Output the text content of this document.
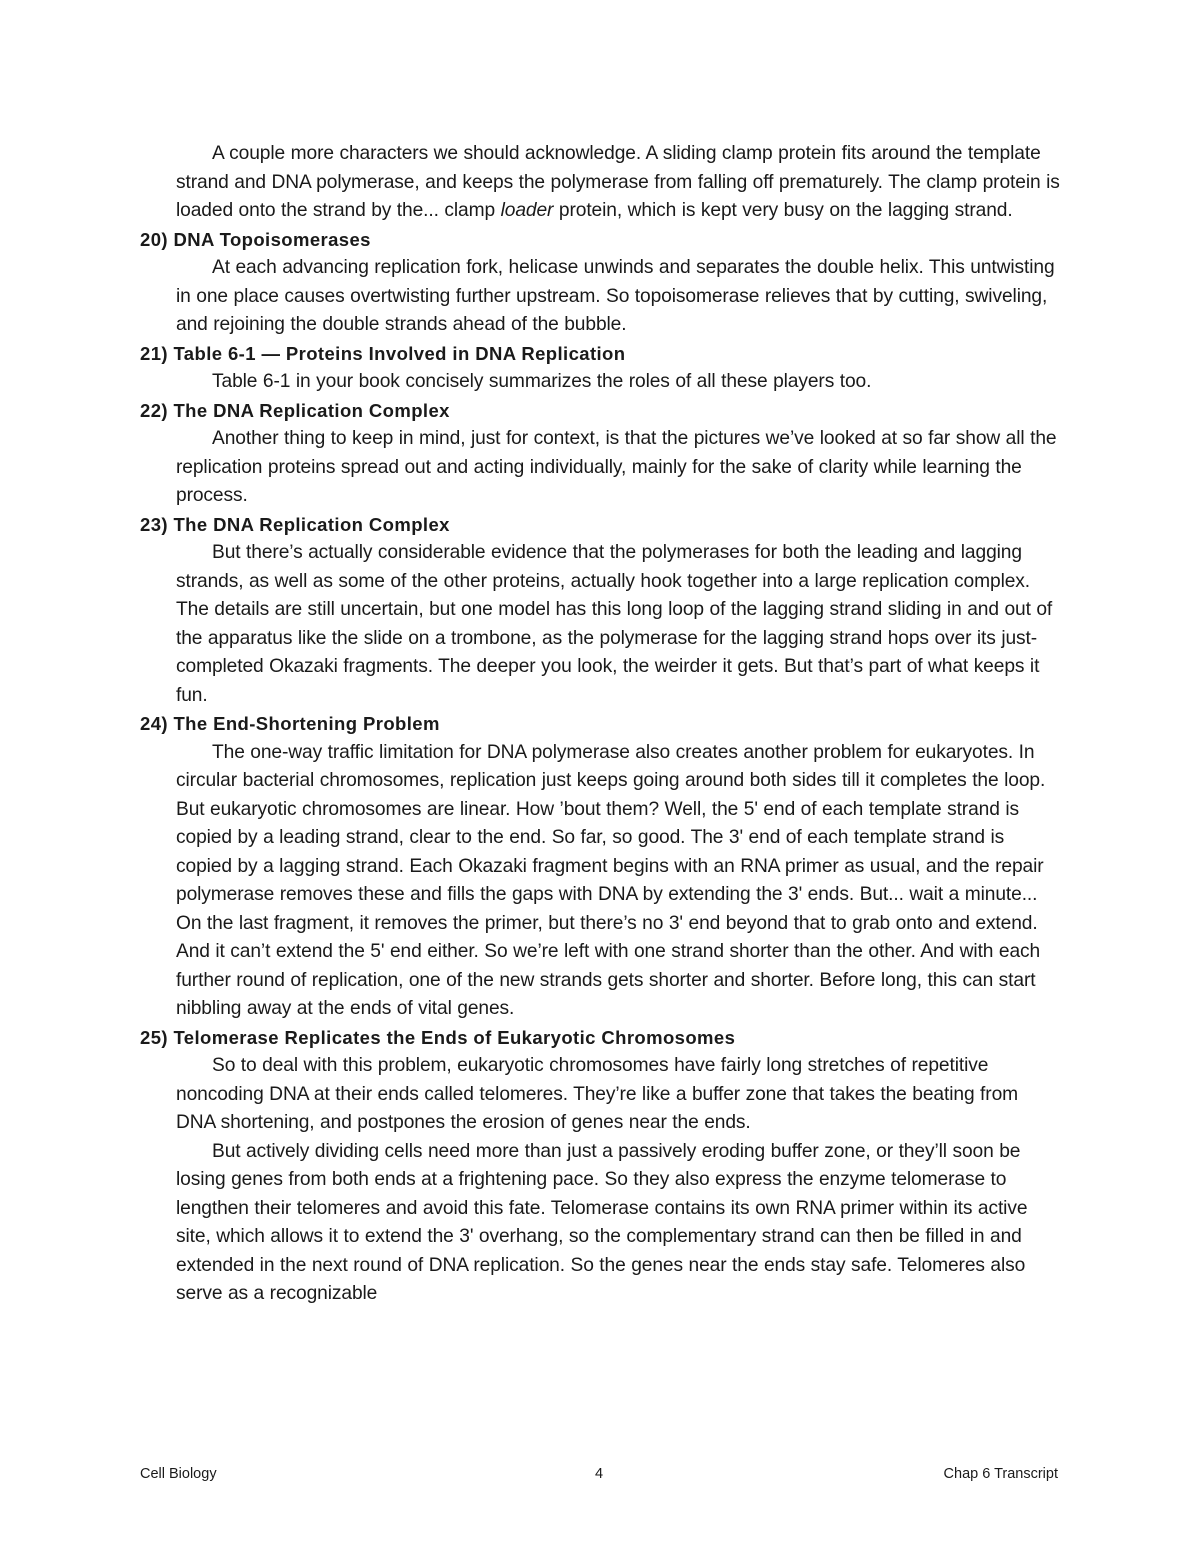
A couple more characters we should acknowledge. A sliding clamp protein fits around the template strand and DNA polymerase, and keeps the polymerase from falling off prematurely. The clamp protein is loaded onto the strand by the... clamp loader protein, which is kept very busy on the lagging strand.

20) DNA Topoisomerases

At each advancing replication fork, helicase unwinds and separates the double helix. This untwisting in one place causes overtwisting further upstream. So topoisomerase relieves that by cutting, swiveling, and rejoining the double strands ahead of the bubble.

21) Table 6-1 — Proteins Involved in DNA Replication

Table 6-1 in your book concisely summarizes the roles of all these players too.

22) The DNA Replication Complex

Another thing to keep in mind, just for context, is that the pictures we’ve looked at so far show all the replication proteins spread out and acting individually, mainly for the sake of clarity while learning the process.

23) The DNA Replication Complex

But there’s actually considerable evidence that the polymerases for both the leading and lagging strands, as well as some of the other proteins, actually hook together into a large replication complex. The details are still uncertain, but one model has this long loop of the lagging strand sliding in and out of the apparatus like the slide on a trombone, as the polymerase for the lagging strand hops over its just-completed Okazaki fragments. The deeper you look, the weirder it gets. But that’s part of what keeps it fun.

24) The End-Shortening Problem

The one-way traffic limitation for DNA polymerase also creates another problem for eukaryotes. In circular bacterial chromosomes, replication just keeps going around both sides till it completes the loop. But eukaryotic chromosomes are linear. How ’bout them? Well, the 5' end of each template strand is copied by a leading strand, clear to the end. So far, so good. The 3' end of each template strand is copied by a lagging strand. Each Okazaki fragment begins with an RNA primer as usual, and the repair polymerase removes these and fills the gaps with DNA by extending the 3' ends. But... wait a minute... On the last fragment, it removes the primer, but there’s no 3' end beyond that to grab onto and extend. And it can’t extend the 5' end either. So we’re left with one strand shorter than the other. And with each further round of replication, one of the new strands gets shorter and shorter. Before long, this can start nibbling away at the ends of vital genes.

25) Telomerase Replicates the Ends of Eukaryotic Chromosomes

So to deal with this problem, eukaryotic chromosomes have fairly long stretches of repetitive noncoding DNA at their ends called telomeres. They’re like a buffer zone that takes the beating from DNA shortening, and postpones the erosion of genes near the ends.

But actively dividing cells need more than just a passively eroding buffer zone, or they’ll soon be losing genes from both ends at a frightening pace. So they also express the enzyme telomerase to lengthen their telomeres and avoid this fate. Telomerase contains its own RNA primer within its active site, which allows it to extend the 3' overhang, so the complementary strand can then be filled in and extended in the next round of DNA replication. So the genes near the ends stay safe. Telomeres also serve as a recognizable

Cell Biology	4	Chap 6 Transcript
